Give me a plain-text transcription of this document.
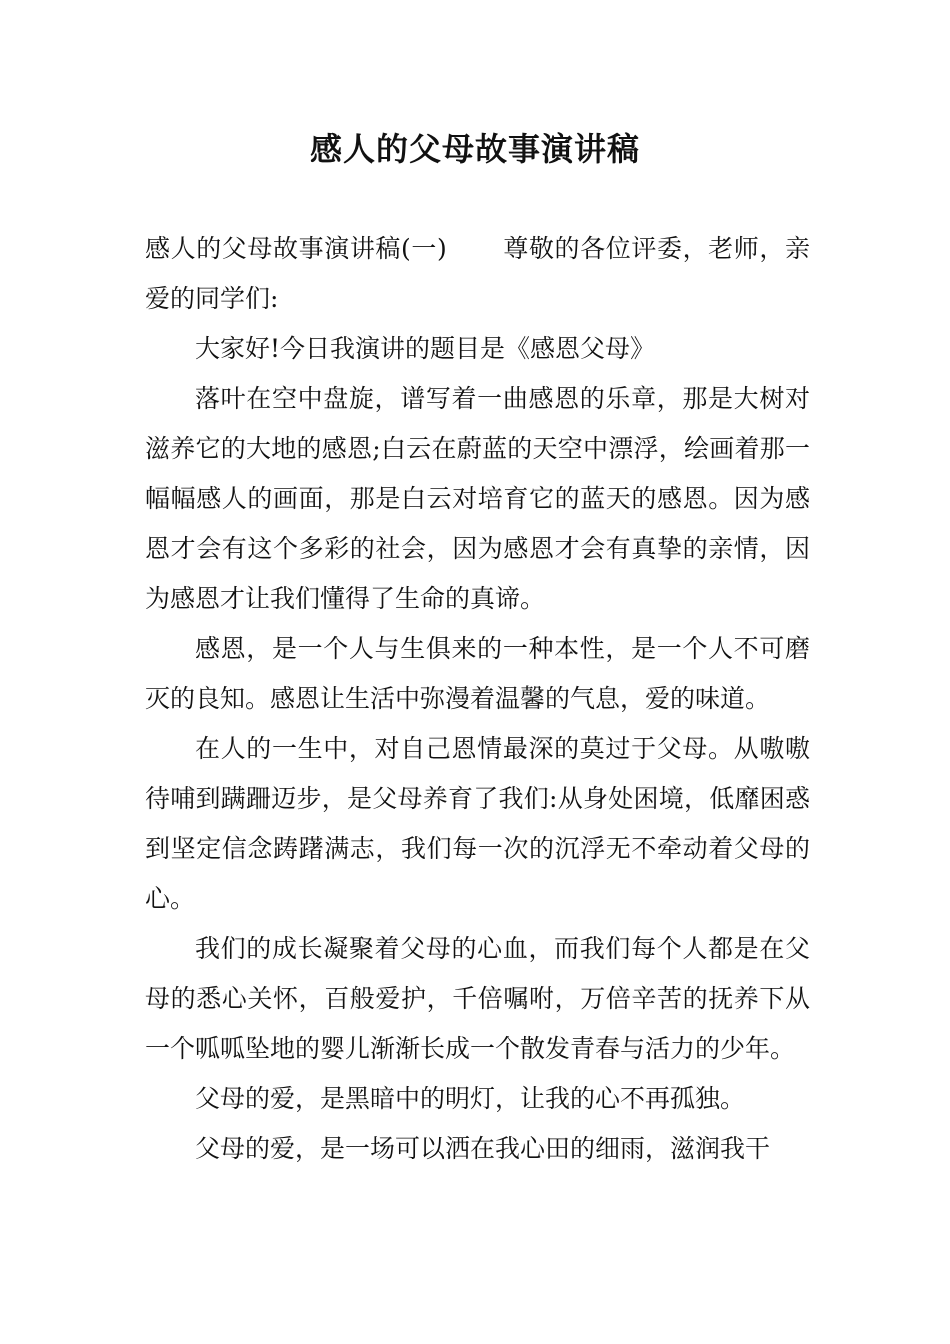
感人的父母故事演讲稿

感人的父母故事演讲稿(一) 尊敬的各位评委，老师，亲爱的同学们:

大家好!今日我演讲的题目是《感恩父母》

落叶在空中盘旋，谱写着一曲感恩的乐章，那是大树对滋养它的大地的感恩;白云在蔚蓝的天空中漂浮，绘画着那一幅幅感人的画面，那是白云对培育它的蓝天的感恩。因为感恩才会有这个多彩的社会，因为感恩才会有真挚的亲情，因为感恩才让我们懂得了生命的真谛。

感恩，是一个人与生俱来的一种本性，是一个人不可磨灭的良知。感恩让生活中弥漫着温馨的气息，爱的味道。

在人的一生中，对自己恩情最深的莫过于父母。从嗷嗷待哺到蹒跚迈步，是父母养育了我们:从身处困境，低靡困惑到坚定信念踌躇满志，我们每一次的沉浮无不牵动着父母的心。

我们的成长凝聚着父母的心血，而我们每个人都是在父母的悉心关怀，百般爱护，千倍嘱咐，万倍辛苦的抚养下从一个呱呱坠地的婴儿渐渐长成一个散发青春与活力的少年。

父母的爱，是黑暗中的明灯，让我的心不再孤独。

父母的爱，是一场可以洒在我心田的细雨，滋润我干
